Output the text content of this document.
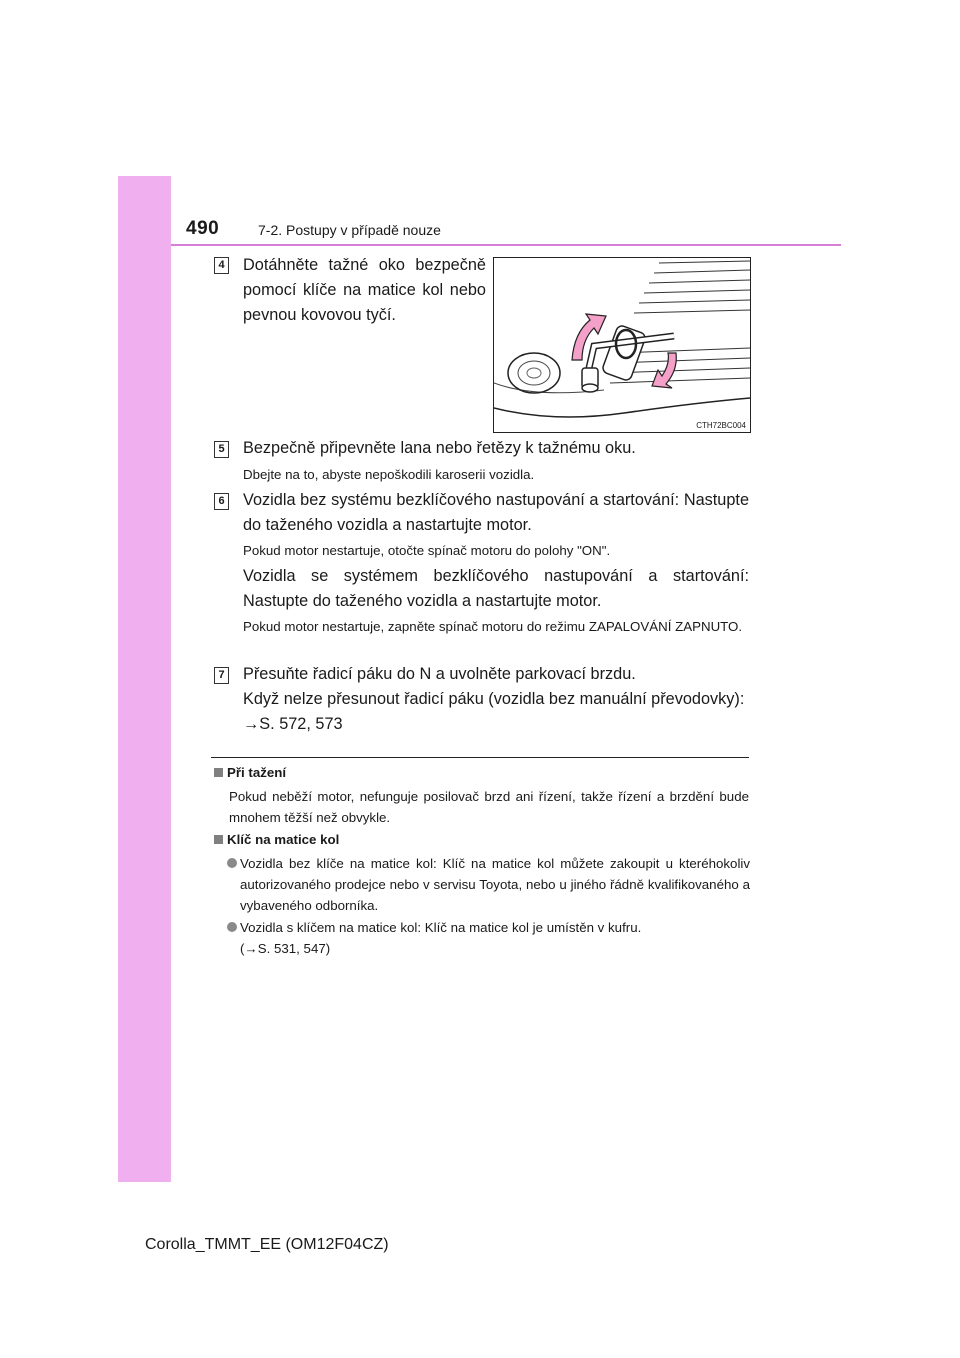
490	7-2. Postupy v případě nouze
4 Dotáhněte tažné oko bezpečně pomocí klíče na matice kol nebo pevnou kovovou tyčí.
CTH72BC004
5 Bezpečně připevněte lana nebo řetězy k tažnému oku.
Dbejte na to, abyste nepoškodili karoserii vozidla.
6 Vozidla bez systému bezklíčového nastupování a startování: Nastupte do taženého vozidla a nastartujte motor.
Pokud motor nestartuje, otočte spínač motoru do polohy "ON".
Vozidla se systémem bezklíčového nastupování a startování: Nastupte do taženého vozidla a nastartujte motor.
Pokud motor nestartuje, zapněte spínač motoru do režimu ZAPALOVÁNÍ ZAPNUTO.
7 Přesuňte řadicí páku do N a uvolněte parkovací brzdu.
Když nelze přesunout řadicí páku (vozidla bez manuální převodovky):
→S. 572, 573
Při tažení
Pokud neběží motor, nefunguje posilovač brzd ani řízení, takže řízení a brzdění bude mnohem těžší než obvykle.
Klíč na matice kol
Vozidla bez klíče na matice kol: Klíč na matice kol můžete zakoupit u kteréhokoliv autorizovaného prodejce nebo v servisu Toyota, nebo u jiného řádně kvalifikovaného a vybaveného odborníka.
Vozidla s klíčem na matice kol: Klíč na matice kol je umístěn v kufru.
(→S. 531, 547)
Corolla_TMMT_EE (OM12F04CZ)
